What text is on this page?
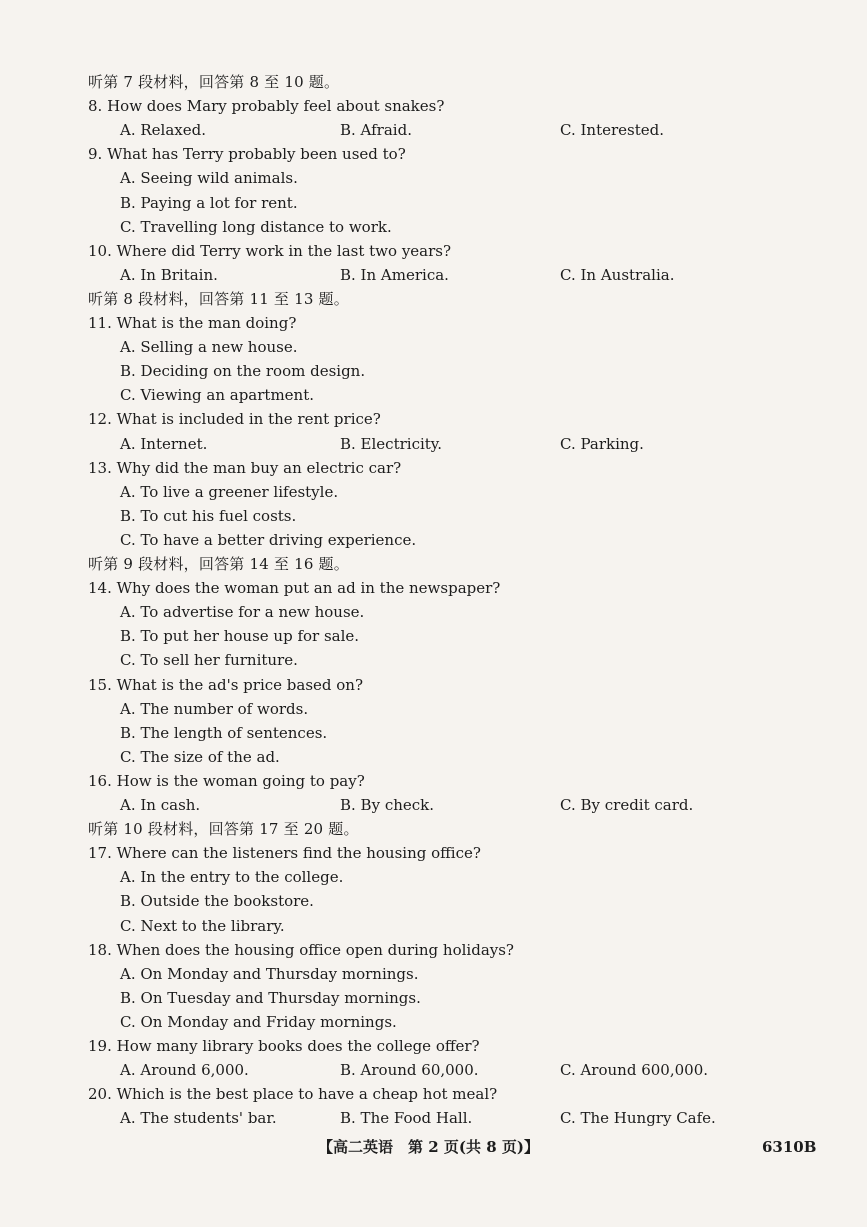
听第 7 段材料，回答第 8 至 10 题。
8. How does Mary probably feel about snakes?
A. Relaxed.	B. Afraid.	C. Interested.
9. What has Terry probably been used to?
A. Seeing wild animals.
B. Paying a lot for rent.
C. Travelling long distance to work.
10. Where did Terry work in the last two years?
A. In Britain.	B. In America.	C. In Australia.
听第 8 段材料，回答第 11 至 13 题。
11. What is the man doing?
A. Selling a new house.
B. Deciding on the room design.
C. Viewing an apartment.
12. What is included in the rent price?
A. Internet.	B. Electricity.	C. Parking.
13. Why did the man buy an electric car?
A. To live a greener lifestyle.
B. To cut his fuel costs.
C. To have a better driving experience.
听第 9 段材料，回答第 14 至 16 题。
14. Why does the woman put an ad in the newspaper?
A. To advertise for a new house.
B. To put her house up for sale.
C. To sell her furniture.
15. What is the ad's price based on?
A. The number of words.
B. The length of sentences.
C. The size of the ad.
16. How is the woman going to pay?
A. In cash.	B. By check.	C. By credit card.
听第 10 段材料，回答第 17 至 20 题。
17. Where can the listeners find the housing office?
A. In the entry to the college.
B. Outside the bookstore.
C. Next to the library.
18. When does the housing office open during holidays?
A. On Monday and Thursday mornings.
B. On Tuesday and Thursday mornings.
C. On Monday and Friday mornings.
19. How many library books does the college offer?
A. Around 6,000.	B. Around 60,000.	C. Around 600,000.
20. Which is the best place to have a cheap hot meal?
A. The students' bar.	B. The Food Hall.	C. The Hungry Cafe.
【高二英语　第 2 页(共 8 页)】	6310B
